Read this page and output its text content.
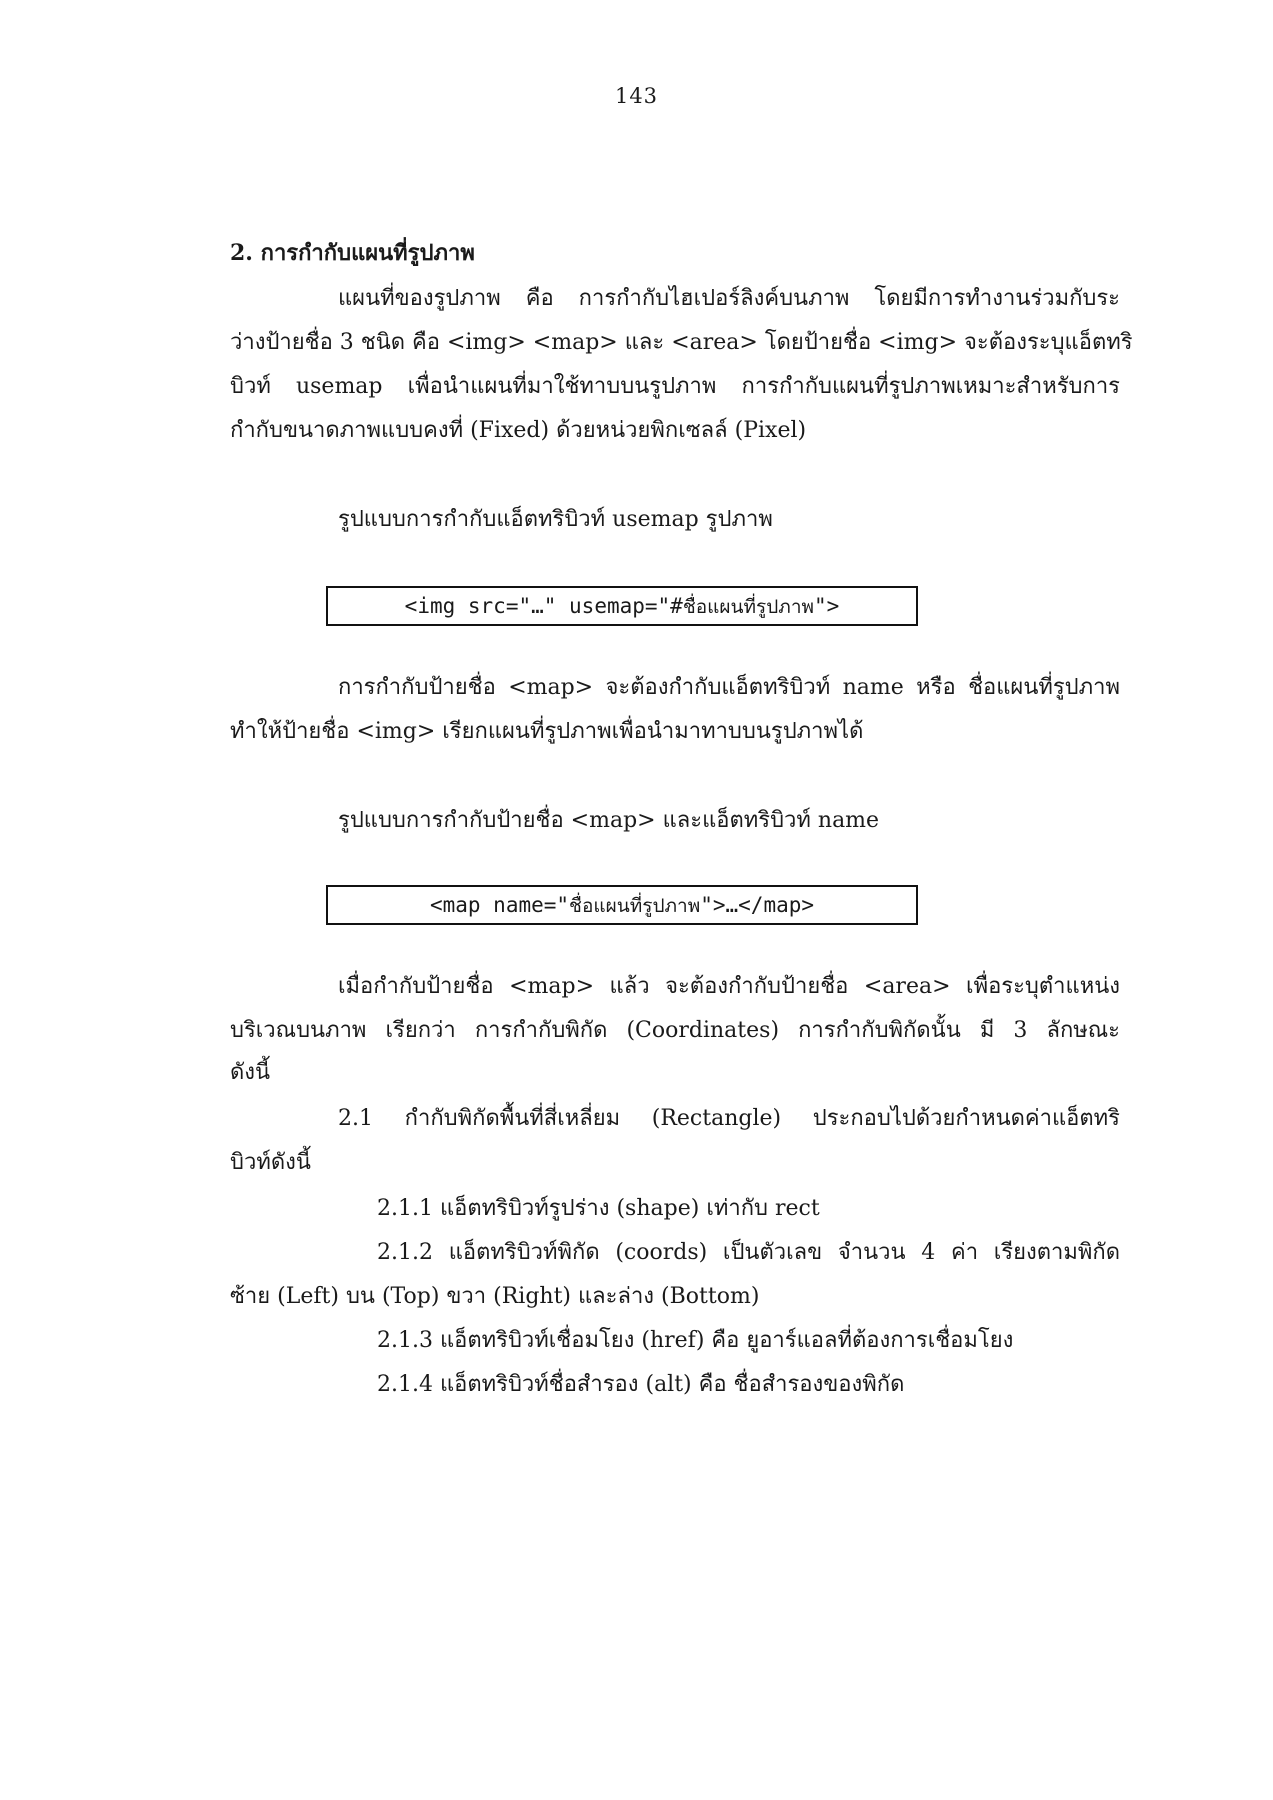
143
2. การกำกับแผนที่รูปภาพ
แผนที่ของรูปภาพ คือ การกำกับไฮเปอร์ลิงค์บนภาพ โดยมีการทำงานร่วมกับระ
ว่างป้ายชื่อ 3 ชนิด คือ <img> <map> และ <area> โดยป้ายชื่อ <img> จะต้องระบุแอ็ตทริ
บิวท์ usemap เพื่อนำแผนที่มาใช้ทาบบนรูปภาพ การกำกับแผนที่รูปภาพเหมาะสำหรับการ
กำกับขนาดภาพแบบคงที่ (Fixed) ด้วยหน่วยพิกเซลล์ (Pixel)
รูปแบบการกำกับแอ็ตทริบิวท์ usemap รูปภาพ
<img src="…" usemap="#ชื่อแผนที่รูปภาพ">
การกำกับป้ายชื่อ <map> จะต้องกำกับแอ็ตทริบิวท์ name หรือ ชื่อแผนที่รูปภาพ
ทำให้ป้ายชื่อ <img> เรียกแผนที่รูปภาพเพื่อนำมาทาบบนรูปภาพได้
รูปแบบการกำกับป้ายชื่อ <map> และแอ็ตทริบิวท์ name
<map name="ชื่อแผนที่รูปภาพ">…</map>
เมื่อกำกับป้ายชื่อ <map> แล้ว จะต้องกำกับป้ายชื่อ <area> เพื่อระบุตำแหน่ง
บริเวณบนภาพ เรียกว่า การกำกับพิกัด (Coordinates) การกำกับพิกัดนั้น มี 3 ลักษณะ
ดังนี้
2.1 กำกับพิกัดพื้นที่สี่เหลี่ยม (Rectangle) ประกอบไปด้วยกำหนดค่าแอ็ตทริ
บิวท์ดังนี้
2.1.1 แอ็ตทริบิวท์รูปร่าง (shape) เท่ากับ rect
2.1.2 แอ็ตทริบิวท์พิกัด (coords) เป็นตัวเลข จำนวน 4 ค่า เรียงตามพิกัด
ซ้าย (Left) บน (Top) ขวา (Right) และล่าง (Bottom)
2.1.3 แอ็ตทริบิวท์เชื่อมโยง (href) คือ ยูอาร์แอลที่ต้องการเชื่อมโยง
2.1.4 แอ็ตทริบิวท์ชื่อสำรอง (alt) คือ ชื่อสำรองของพิกัด
